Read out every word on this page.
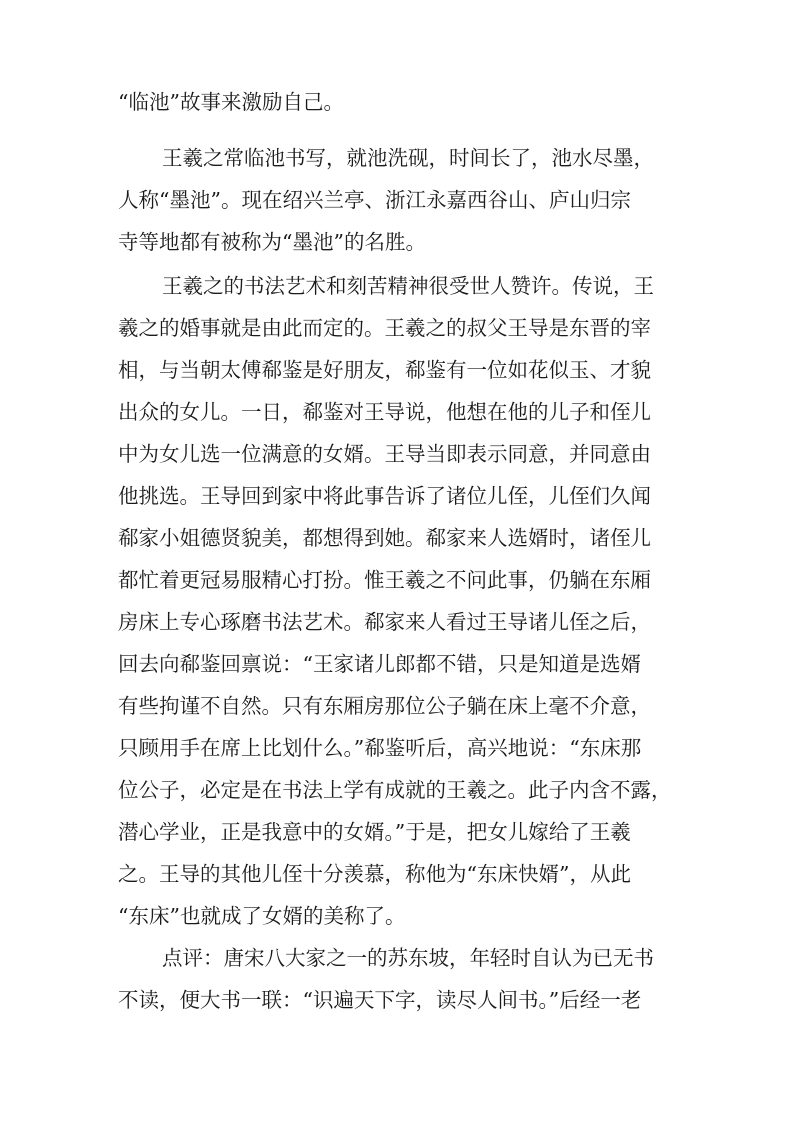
“临池”故事来激励自己。
王羲之常临池书写，就池洗砚，时间长了，池水尽墨，
人称“墨池”。现在绍兴兰亭、浙江永嘉西谷山、庐山归宗
寺等地都有被称为“墨池”的名胜。
王羲之的书法艺术和刻苦精神很受世人赞许。传说，王
羲之的婚事就是由此而定的。王羲之的叔父王导是东晋的宰
相，与当朝太傅郗鉴是好朋友，郗鉴有一位如花似玉、才貌
出众的女儿。一日，郗鉴对王导说，他想在他的儿子和侄儿
中为女儿选一位满意的女婿。王导当即表示同意，并同意由
他挑选。王导回到家中将此事告诉了诸位儿侄，儿侄们久闻
郗家小姐德贤貌美，都想得到她。郗家来人选婿时，诸侄儿
都忙着更冠易服精心打扮。惟王羲之不问此事，仍躺在东厢
房床上专心琢磨书法艺术。郗家来人看过王导诸儿侄之后，
回去向郗鉴回禀说：“王家诸儿郎都不错，只是知道是选婿
有些拘谨不自然。只有东厢房那位公子躺在床上毫不介意，
只顾用手在席上比划什么。”郗鉴听后，高兴地说：“东床那
位公子，必定是在书法上学有成就的王羲之。此子内含不露，
潜心学业，正是我意中的女婿。”于是，把女儿嫁给了王羲
之。王导的其他儿侄十分羡慕，称他为“东床快婿”，从此
“东床”也就成了女婿的美称了。
点评：唐宋八大家之一的苏东坡，年轻时自认为已无书
不读，便大书一联：“识遍天下字，读尽人间书。”后经一老
